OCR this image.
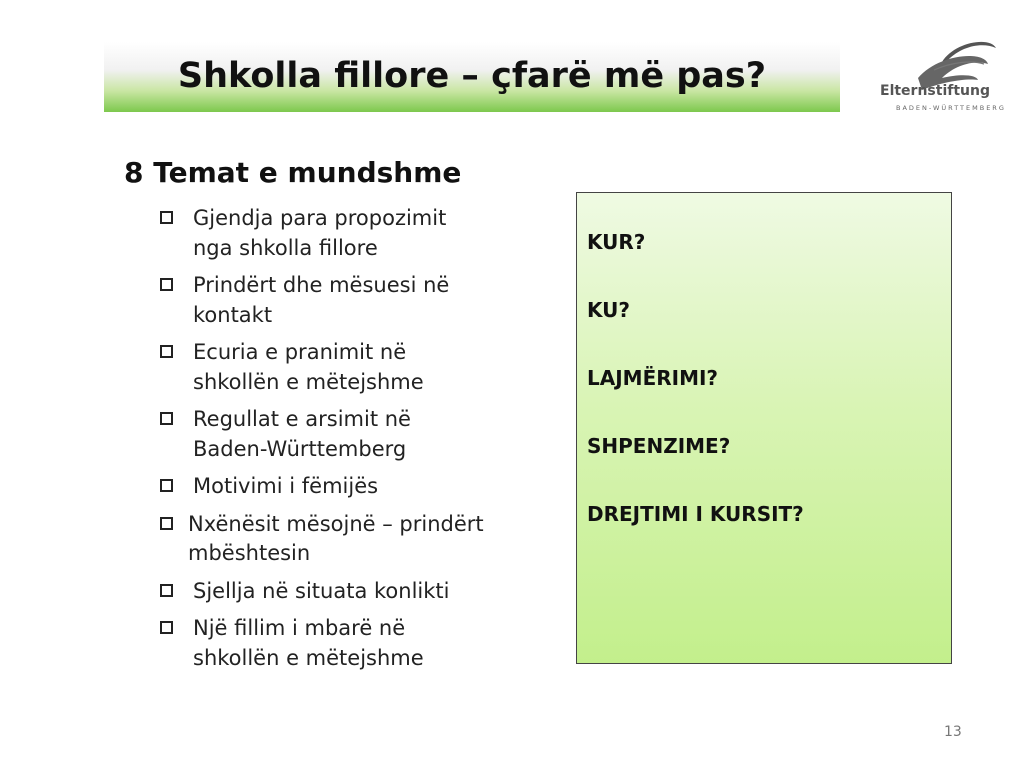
Shkolla fillore – çfarë më pas?	Elternstiftung
BADEN-WÜRTTEMBERG
8 Temat e mundshme
Gjendja para propozimit
nga shkolla fillore
Prindërt dhe mësuesi në
kontakt
Ecuria e pranimit në
shkollën e mëtejshme
Regullat e arsimit në
Baden-Württemberg
Motivimi i fëmijës
Nxënësit mësojnë – prindërt
mbështesin
Sjellja në situata konlikti
Një fillim i mbarë në
shkollën e mëtejshme
KUR?
KU?
LAJMËRIMI?
SHPENZIME?
DREJTIMI I KURSIT?
13
